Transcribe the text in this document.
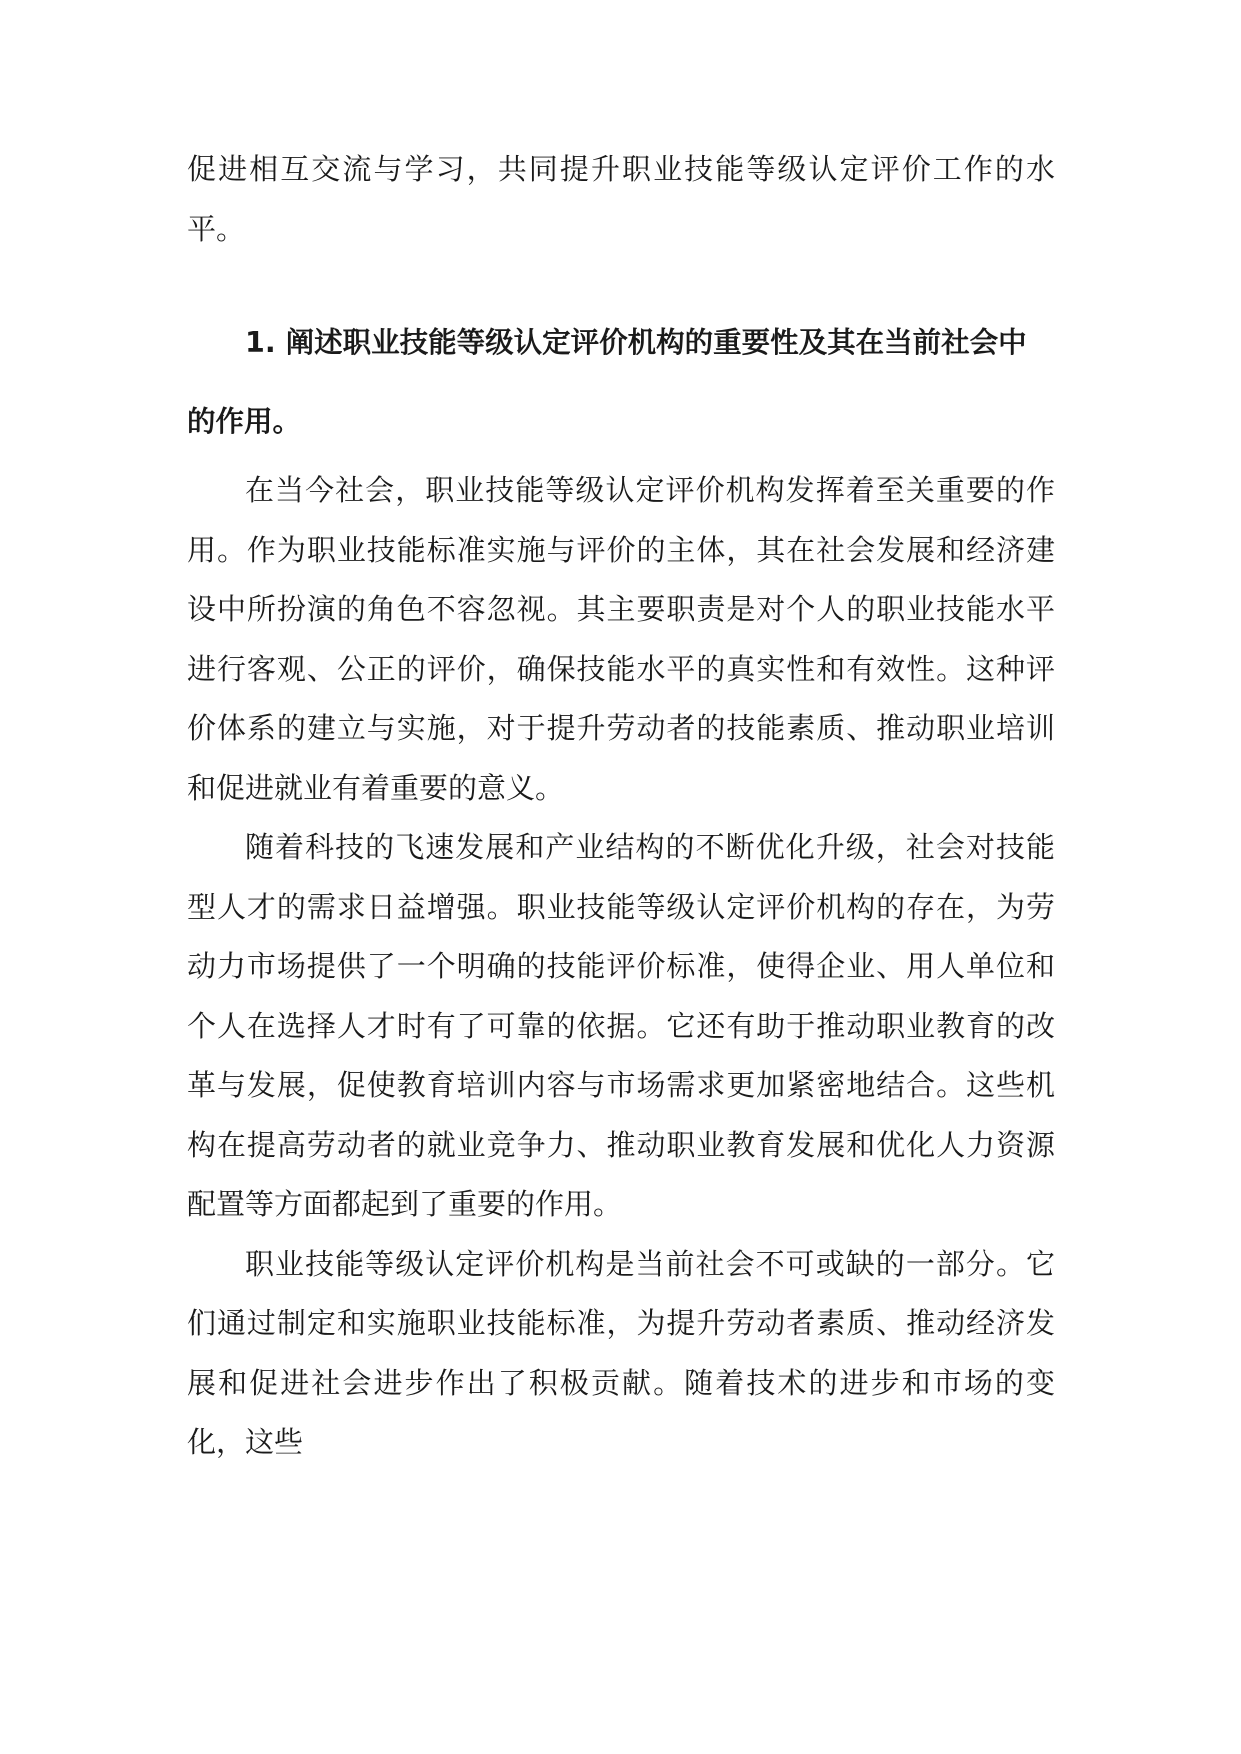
促进相互交流与学习，共同提升职业技能等级认定评价工作的水平。

1. 阐述职业技能等级认定评价机构的重要性及其在当前社会中的作用。

在当今社会，职业技能等级认定评价机构发挥着至关重要的作用。作为职业技能标准实施与评价的主体，其在社会发展和经济建设中所扮演的角色不容忽视。其主要职责是对个人的职业技能水平进行客观、公正的评价，确保技能水平的真实性和有效性。这种评价体系的建立与实施，对于提升劳动者的技能素质、推动职业培训和促进就业有着重要的意义。

随着科技的飞速发展和产业结构的不断优化升级，社会对技能型人才的需求日益增强。职业技能等级认定评价机构的存在，为劳动力市场提供了一个明确的技能评价标准，使得企业、用人单位和个人在选择人才时有了可靠的依据。它还有助于推动职业教育的改革与发展，促使教育培训内容与市场需求更加紧密地结合。这些机构在提高劳动者的就业竞争力、推动职业教育发展和优化人力资源配置等方面都起到了重要的作用。

职业技能等级认定评价机构是当前社会不可或缺的一部分。它们通过制定和实施职业技能标准，为提升劳动者素质、推动经济发展和促进社会进步作出了积极贡献。随着技术的进步和市场的变化，这些
